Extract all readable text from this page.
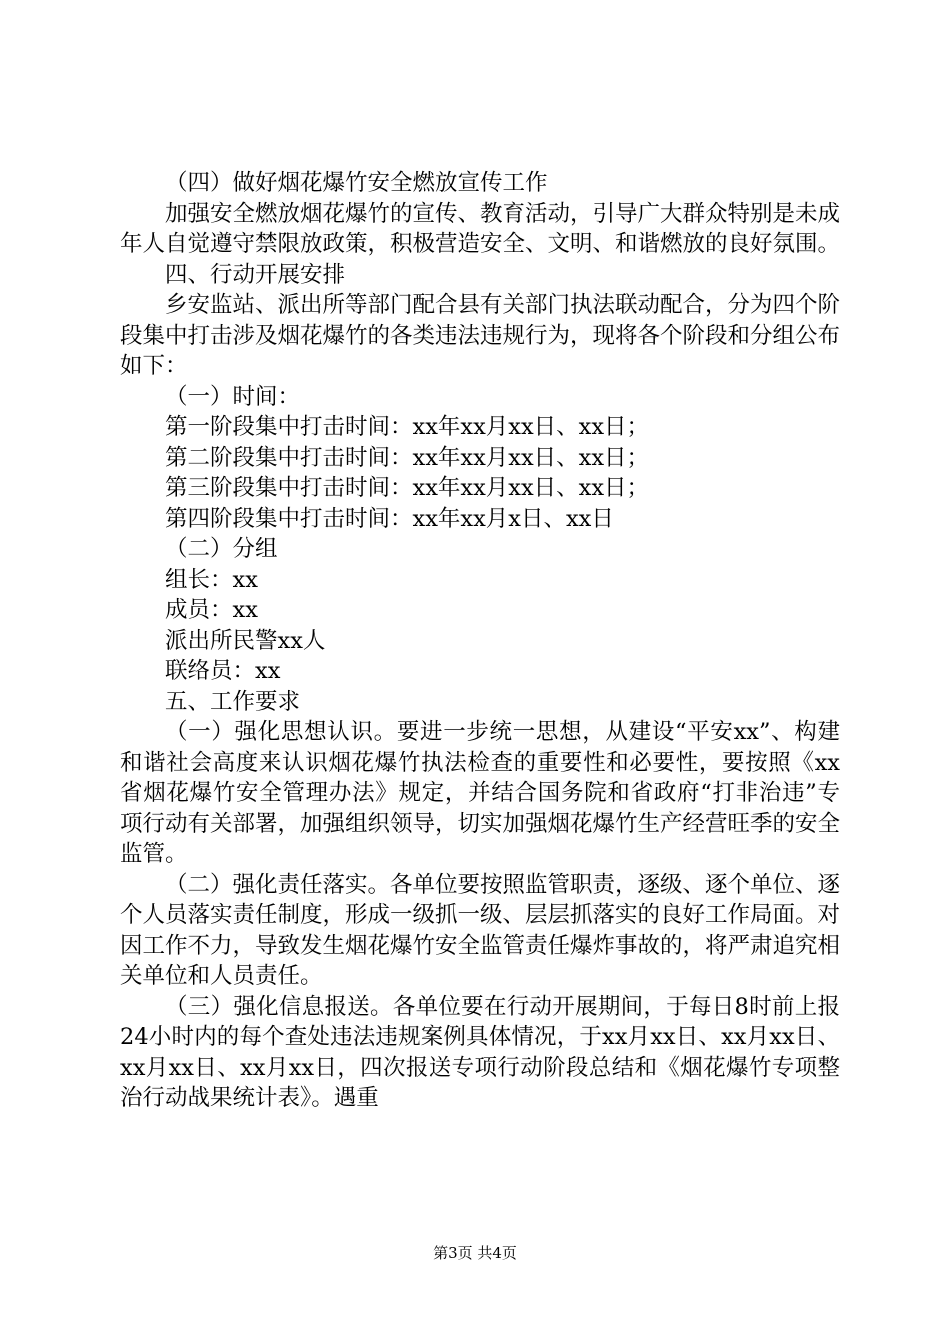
（四）做好烟花爆竹安全燃放宣传工作

加强安全燃放烟花爆竹的宣传、教育活动，引导广大群众特别是未成年人自觉遵守禁限放政策，积极营造安全、文明、和谐燃放的良好氛围。

四、行动开展安排

乡安监站、派出所等部门配合县有关部门执法联动配合，分为四个阶段集中打击涉及烟花爆竹的各类违法违规行为，现将各个阶段和分组公布如下：

（一）时间：

第一阶段集中打击时间：xx年xx月xx日、xx日；

第二阶段集中打击时间：xx年xx月xx日、xx日；

第三阶段集中打击时间：xx年xx月xx日、xx日；

第四阶段集中打击时间：xx年xx月x日、xx日

（二）分组

组长：xx

成员：xx

派出所民警xx人

联络员：xx

五、工作要求

（一）强化思想认识。要进一步统一思想，从建设“平安xx”、构建和谐社会高度来认识烟花爆竹执法检查的重要性和必要性，要按照《xx省烟花爆竹安全管理办法》规定，并结合国务院和省政府“打非治违”专项行动有关部署，加强组织领导，切实加强烟花爆竹生产经营旺季的安全监管。

（二）强化责任落实。各单位要按照监管职责，逐级、逐个单位、逐个人员落实责任制度，形成一级抓一级、层层抓落实的良好工作局面。对因工作不力，导致发生烟花爆竹安全监管责任爆炸事故的，将严肃追究相关单位和人员责任。

（三）强化信息报送。各单位要在行动开展期间，于每日8时前上报24小时内的每个查处违法违规案例具体情况，于xx月xx日、xx月xx日、xx月xx日、xx月xx日，四次报送专项行动阶段总结和《烟花爆竹专项整治行动战果统计表》。遇重

第3页 共4页
